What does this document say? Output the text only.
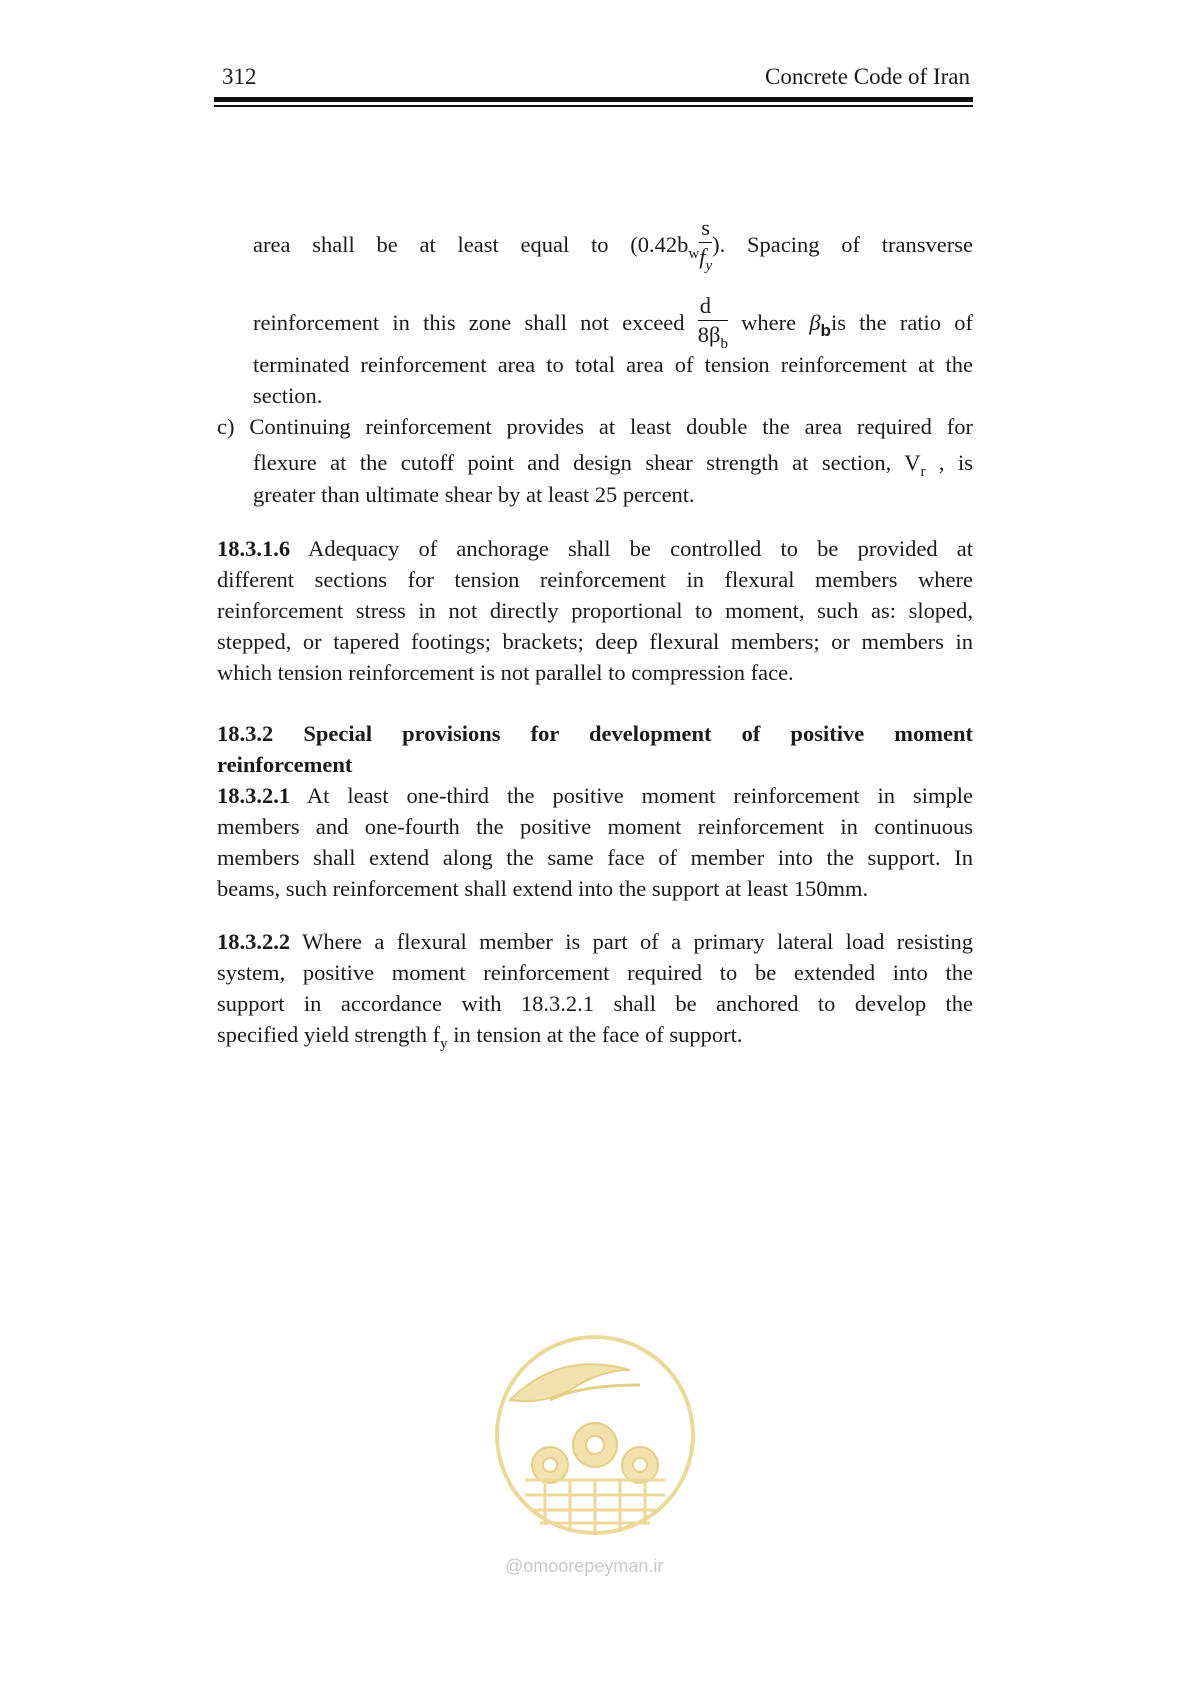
312	Concrete Code of Iran
area shall be at least equal to ($0.42b_w \frac{s}{f_y}$ ). Spacing of transverse
reinforcement in this zone shall not exceed $\frac{d}{8\beta_b}$ where $\beta_bis$ the ratio of
terminated reinforcement area to total area of tension reinforcement at the
section.
c) Continuing reinforcement provides at least double the area required for
flexure at the cutoff point and design shear strength at section, $V_r$ , is
greater than ultimate shear by at least 25 percent.
18.3.1.6 Adequacy of anchorage shall be controlled to be provided at
different sections for tension reinforcement in flexural members where
reinforcement stress in not directly proportional to moment, such as: sloped,
stepped, or tapered footings; brackets; deep flexural members; or members in
which tension reinforcement is not parallel to compression face.
18.3.2 Special provisions for development of positive moment
reinforcement
18.3.2.1 At least one-third the positive moment reinforcement in simple
members and one-fourth the positive moment reinforcement in continuous
members shall extend along the same face of member into the support. In
beams, such reinforcement shall extend into the support at least 150mm.
18.3.2.2 Where a flexural member is part of a primary lateral load resisting
system, positive moment reinforcement required to be extended into the
support in accordance with 18.3.2.1 shall be anchored to develop the
specified yield strength $f_y$ in tension at the face of support.
@omoorepeyman.ir
